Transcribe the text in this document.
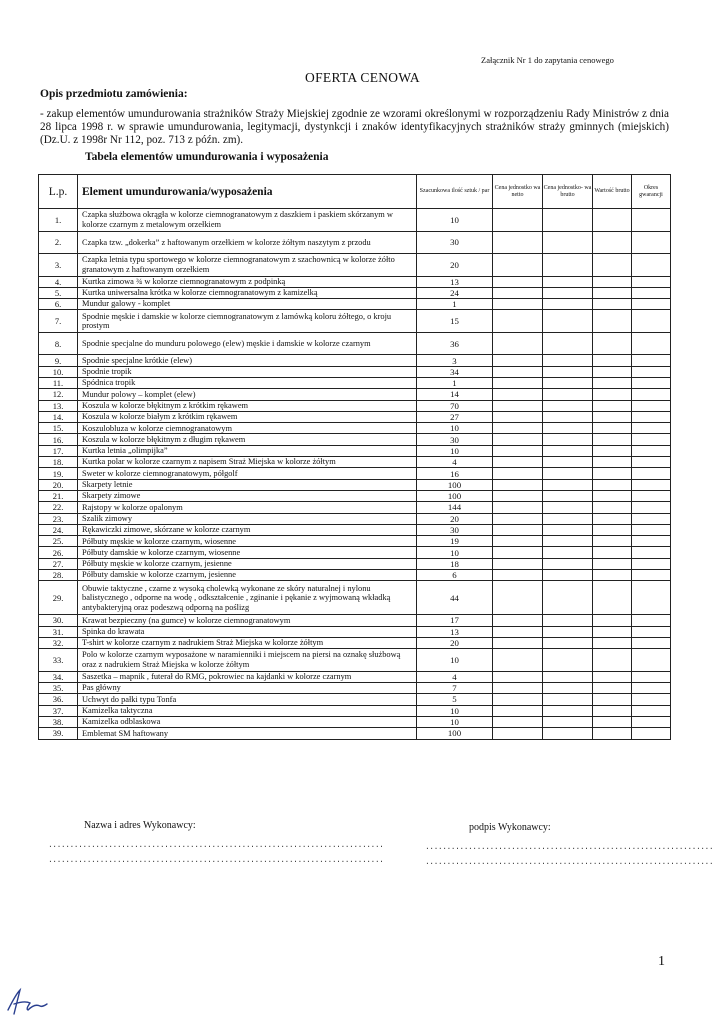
Załącznik Nr 1 do zapytania cenowego
OFERTA CENOWA
Opis przedmiotu zamówienia:
- zakup elementów umundurowania strażników Straży Miejskiej zgodnie ze wzorami określonymi w rozporządzeniu Rady Ministrów z dnia 28 lipca 1998 r. w sprawie umundurowania, legitymacji, dystynkcji i znaków identyfikacyjnych strażników straży gminnych (miejskich) (Dz.U. z 1998r Nr 112, poz. 713 z późn. zm).
Tabela elementów umundurowania i wyposażenia
L.p.	Element umundurowania/wyposażenia	Szacunkowa ilość sztuk / par	Cena jednostko wa netto	Cena jednostko- wa brutto	Wartość brutto	Okres gwarancji
1.	Czapka służbowa okrągła w kolorze ciemnogranatowym z daszkiem i paskiem skórzanym w kolorze czarnym z metalowym orzełkiem	10				
2.	Czapka tzw. „dokerka” z haftowanym orzełkiem w kolorze żółtym naszytym z przodu	30				
3.	Czapka letnia typu sportowego w kolorze ciemnogranatowym z szachownicą w kolorze żółto granatowym z haftowanym orzełkiem	20				
4.	Kurtka zimowa ¾ w kolorze ciemnogranatowym z podpinką	13				
5.	Kurtka uniwersalna krótka w kolorze ciemnogranatowym z kamizelką	24				
6.	Mundur galowy - komplet	1				
7.	Spodnie męskie i damskie w kolorze ciemnogranatowym z lamówką koloru żółtego, o kroju prostym	15				
8.	Spodnie specjalne do munduru polowego (elew) męskie i damskie w kolorze czarnym	36				
9.	Spodnie specjalne krótkie (elew)	3				
10.	Spodnie tropik	34				
11.	Spódnica tropik	1				
12.	Mundur polowy – komplet (elew)	14				
13.	Koszula w kolorze błękitnym z krótkim rękawem	70				
14.	Koszula w kolorze białym z krótkim rękawem	27				
15.	Koszulobluza w kolorze ciemnogranatowym	10				
16.	Koszula w kolorze błękitnym z długim rękawem	30				
17.	Kurtka letnia „olimpijka”	10				
18.	Kurtka polar w kolorze czarnym z napisem Straż Miejska w kolorze żółtym	4				
19.	Sweter w kolorze ciemnogranatowym, półgolf	16				
20.	Skarpety letnie	100				
21.	Skarpety zimowe	100				
22.	Rajstopy w kolorze opalonym	144				
23.	Szalik zimowy	20				
24.	Rękawiczki zimowe, skórzane w kolorze czarnym	30				
25.	Półbuty męskie w kolorze czarnym, wiosenne	19				
26.	Półbuty damskie w kolorze czarnym, wiosenne	10				
27.	Półbuty męskie w kolorze czarnym, jesienne	18				
28.	Półbuty damskie w kolorze czarnym, jesienne	6				
29.	Obuwie taktyczne , czarne z wysoką cholewką wykonane ze skóry naturalnej i nylonu balistycznego , odporne na wodę , odkształcenie , zginanie i pękanie z wyjmowaną wkładką antybakteryjną oraz podeszwą odporną na poślizg	44				
30.	Krawat bezpieczny (na gumce) w kolorze ciemnogranatowym	17				
31.	Spinka do krawata	13				
32.	T-shirt w kolorze czarnym z nadrukiem Straż Miejska w kolorze żółtym	20				
33.	Polo w kolorze czarnym wyposażone w naramienniki i miejscem na piersi na oznakę służbową oraz z nadrukiem Straż Miejska w kolorze żółtym	10				
34.	Saszetka – mapnik , futerał do RMG, pokrowiec na kajdanki w kolorze czarnym	4				
35.	Pas główny	7				
36.	Uchwyt do pałki typu Tonfa	5				
37.	Kamizelka taktyczna	10				
38.	Kamizelka odblaskowa	10				
39.	Emblemat SM haftowany	100				
Nazwa i adres Wykonawcy:	podpis Wykonawcy:
..............................................................................
..............................................................................
...................................................................
...................................................................
1
